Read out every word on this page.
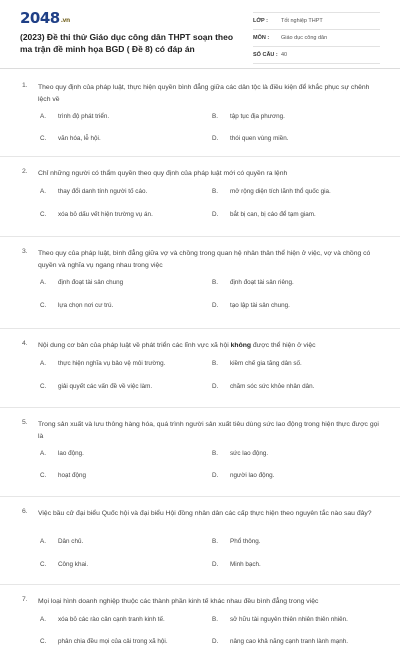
2048.vn
(2023) Đề thi thử Giáo dục công dân THPT soạn theo ma trận đề minh họa BGD ( Đề 8) có đáp án
LỚP :	Tốt nghiệp THPT
MÔN :	Giáo dục công dân
SỐ CÂU : 40
1. Theo quy định của pháp luật, thực hiện quyền bình đẳng giữa các dân tộc là điều kiện để khắc phục sự chênh lệch về
A. trình độ phát triển.	B. tập tục địa phương.
C. văn hóa, lễ hội.	D. thói quen vùng miền.
2. Chỉ những người có thẩm quyền theo quy định của pháp luật mới có quyền ra lệnh
A. thay đổi danh tính người tố cáo.	B. mở rộng diện tích lãnh thổ quốc gia.
C. xóa bỏ dấu vết hiện trường vụ án.	D. bắt bị can, bị cáo để tạm giam.
3. Theo quy của pháp luật, bình đẳng giữa vợ và chồng trong quan hệ nhân thân thể hiện ở việc, vợ và chồng có quyền và nghĩa vụ ngang nhau trong việc
A. định đoạt tài sản chung	B. định đoạt tài sản riêng.
C. lựa chọn nơi cư trú.	D. tạo lập tài sản chung.
4. Nội dung cơ bản của pháp luật về phát triển các lĩnh vực xã hội không được thể hiện ở việc
A. thực hiện nghĩa vụ bảo vệ môi trường.	B. kiềm chế gia tăng dân số.
C. giải quyết các vấn đề về việc làm.	D. chăm sóc sức khỏe nhân dân.
5. Trong sản xuất và lưu thông hàng hóa, quá trình người sản xuất tiêu dùng sức lao động trong hiện thực được gọi là
A. lao động.	B. sức lao động.
C. hoạt động	D. người lao động.
6. Việc bầu cử đại biểu Quốc hội và đại biểu Hội đồng nhân dân các cấp thực hiện theo nguyên tắc nào sau đây?
A. Dân chủ.	B. Phổ thông.
C. Công khai.	D. Minh bạch.
7. Mọi loại hình doanh nghiệp thuộc các thành phần kinh tế khác nhau đều bình đẳng trong việc
A. xóa bỏ các rào cản cạnh tranh kinh tế.	B. sở hữu tài nguyên thiên nhiên thiên nhiên.
C. phân chia đều mọi của cải trong xã hội.	D. nâng cao khả năng cạnh tranh lành mạnh.
